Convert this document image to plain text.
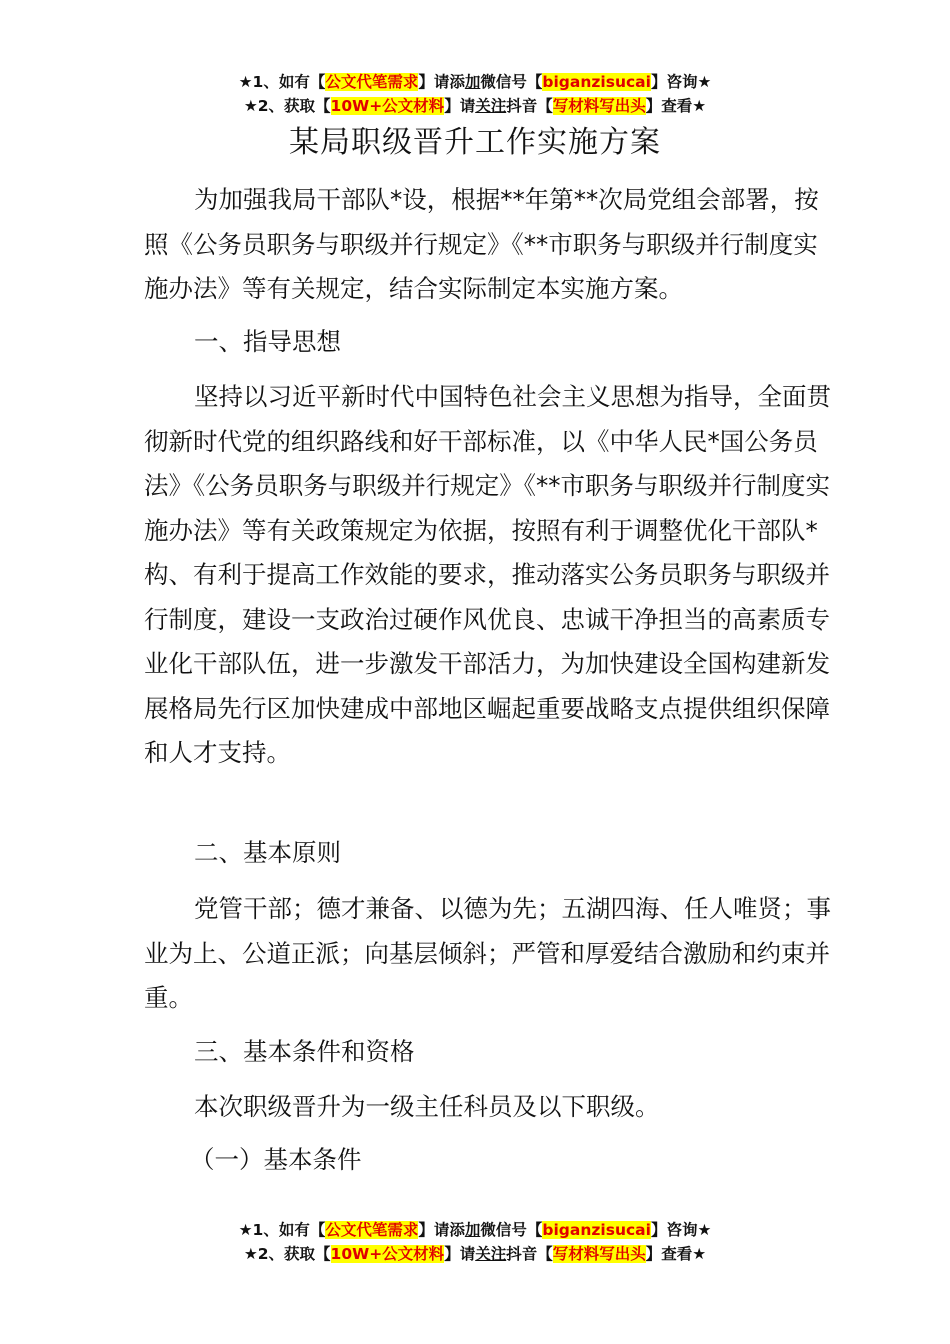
★1、如有【公文代笔需求】请添加微信号【biganzisucai】咨询★
★2、获取【10W+公文材料】请关注抖音【写材料写出头】查看★
某局职级晋升工作实施方案

为加强我局干部队*设，根据**年第**次局党组会部署，按照《公务员职务与职级并行规定》《**市职务与职级并行制度实施办法》等有关规定，结合实际制定本实施方案。

一、指导思想

坚持以习近平新时代中国特色社会主义思想为指导，全面贯彻新时代党的组织路线和好干部标准，以《中华人民*国公务员法》《公务员职务与职级并行规定》《**市职务与职级并行制度实施办法》等有关政策规定为依据，按照有利于调整优化干部队*构、有利于提高工作效能的要求，推动落实公务员职务与职级并行制度，建设一支政治过硬作风优良、忠诚干净担当的高素质专业化干部队伍，进一步激发干部活力，为加快建设全国构建新发展格局先行区加快建成中部地区崛起重要战略支点提供组织保障和人才支持。

二、基本原则

党管干部；德才兼备、以德为先；五湖四海、任人唯贤；事业为上、公道正派；向基层倾斜；严管和厚爱结合激励和约束并重。

三、基本条件和资格

本次职级晋升为一级主任科员及以下职级。

（一）基本条件

★1、如有【公文代笔需求】请添加微信号【biganzisucai】咨询★
★2、获取【10W+公文材料】请关注抖音【写材料写出头】查看★
